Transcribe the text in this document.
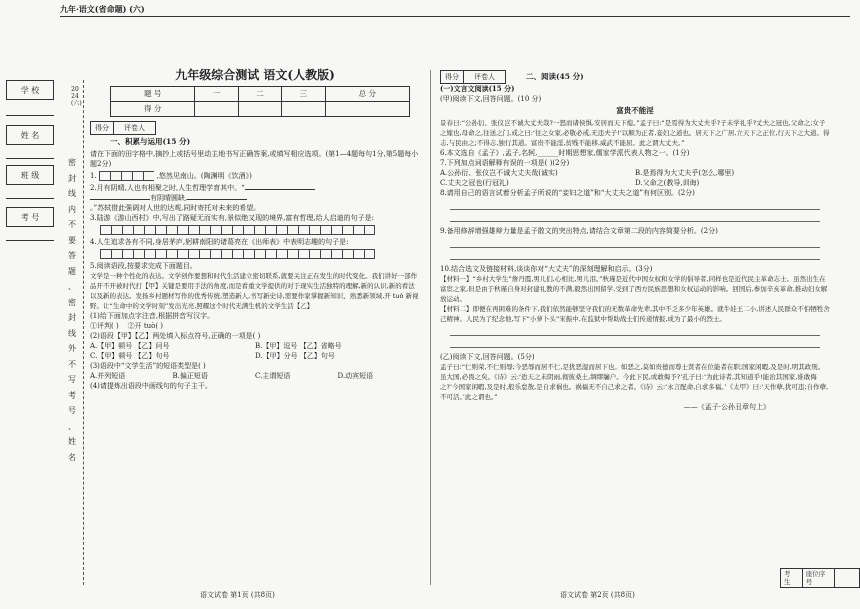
九年·语文(省命题) (六)
学 校
姓 名
班 级
考 号
2024(六)
密
封
线
内
不
要
答
题
、
密
封
线
外
不
写
考
号
、
姓
名
九年级综合测试 语文(人教版)
题 号	一	二	三	总 分
得 分				
得分	评卷人
一、积累与运用(15 分)

请在下面的田字格中,摘抄上或括号里动主地书写正确答案,或填写相应选项。(第1—4题每句1分,第5题每小题2分)

1.	,悠然见南山。(陶渊明《饮酒》)

2.月有阴晴,人也有相聚之时,人生哲理学育其中。“

有阴晴圆缺,

。”苏轼借此强调对人世的达观,同时寄托对未来的希望。

3.陆游《游山西村》中,写出了路疑无而实有,景似绝又现的境界,富有哲理,给人启迪的句子是:

4.人生追求各有不同,身居茅庐,躬耕南阳的诸葛亮在《出师表》中表明志趣的句子是:

5.阅读语段,按要求完成下面题目。

文学是一种个性化的表达。文学创作要想和时代生活建立密切联系,就要关注正在发生的时代变化。我们讲好一部作品开不开被时代打【甲】关键是要用手法的角度,而是看重文学提供的对于现实生活独特的理解,新的认识,新的看法以及新的表达。发扬乡村题材写作的优秀传统,塑造新人,书写新史诗,需要作家掌握新知识、熟悉新领域,开 tuò 新视野。让“生命中的文学时刻”发出光亮,照耀这个时代无满生机的文学生活【乙】

(1)给下面加点字注音,根据拼音写汉字。

①评判( ) ②开 tuò( )

(2)语段【甲】【乙】两处填入标点符号,正确的一项是( )

A.【甲】顿号 【乙】问号	B.【甲】逗号 【乙】省略号
C.【甲】顿号 【乙】句号	D.【甲】分号 【乙】句号

(3)语段中“文学生活”的短语类型是( )

A.并列短语	B.偏正短语	C.主谓短语	D.动宾短语

(4)请提炼出语段中画线句的句子主干。

语文试卷 第1页 (共8页)
得分	评卷人	二、阅读(45 分)

(一)文言文阅读(15 分)

(甲)阅读下文,回答问题。(10 分)

富贵不能淫

景春曰:“公孙衍、张仪岂不诚大丈夫哉?一怒而诸侯惧,安居而天下熄。”孟子曰:“是焉得为大丈夫乎?子未学礼乎?丈夫之冠也,父命之;女子之嫁也,母命之,往送之门,戒之曰:‘往之女家,必敬必戒,无违夫子!’以顺为正者,妾妇之道也。居天下之广居,立天下之正位,行天下之大道。得志,与民由之;不得志,独行其道。富贵不能淫,贫贱不能移,威武不能屈。此之谓大丈夫。”

6.本文选自《孟子》,孟子,名轲,______时期思想家,儒家学派代表人物之一。(1分)

7.下列加点词语解释有误的一项是( )(2分)

A.公孙衍、张仪岂不诚大丈夫哉(诚实)	B.是焉得为大丈夫乎(怎么,哪里)
C.丈夫之冠也(行冠礼)	D.父命之(教导,训诲)

8.请用自己的语言试着分析孟子所说的“妾妇之道”和“大丈夫之道”有何区别。(2分)

9.备用修辞增强雄辩力量是孟子散文的突出特点,请结合文章第二段的内容简要分析。(2分)

10.结合选文及链接材料,谈谈你对“大丈夫”的深刻理解和启示。(3分)

【材料一】“乡村大学生”詹丹霞,男儿们,心相比,男儿泪。”秋瑾是近代中国女权和女学的倡导者,同样也是近代民主革命志士。虽然出生在富宦之家,但是由于秋瑾自身对封建礼教的不满,毅然出国留学,受到了西方民族思想和女权运动的影响。回国后,参加辛亥革命,推动妇女解放运动。

【材料二】即便在再困难的条件下,我们依然能够坚守我们的无数革命先辈,其中不乏多少年英雄。就牛娃王二小,讲述人民群众不怕牺牲舍己精神。人民为了纪念他,写下“小萝卜头”宋振中,在监狱中帮助战士们传递情报,成为了最小的烈士。

(乙)阅读下文,回答问题。(5分)

孟子曰:“仁则荣,不仁则辱;今恶辱而居不仁,是犹恶湿而居下也。如恶之,莫如贵德而尊士贤者在位能者在职;国家闲暇,及是时,明其政刑。虽大国,必畏之矣。《诗》云:‘迨天之未阴雨,彻彼桑土,绸缪牖户。今此下民,或敢侮予?’孔子曰:‘为此诗者,其知道乎!能治其国家,谁敢侮之?’今国家闲暇,及是时,般乐怠敖,是自求祸也。祸福无不自己求之者。《诗》云:‘永言配命,自求多福。’《太甲》曰:‘天作孽,犹可违;自作孽,不可活。’此之谓也。”

——《孟子·公孙丑章句上》

考 生
座位序号
语文试卷 第2页 (共8页)
